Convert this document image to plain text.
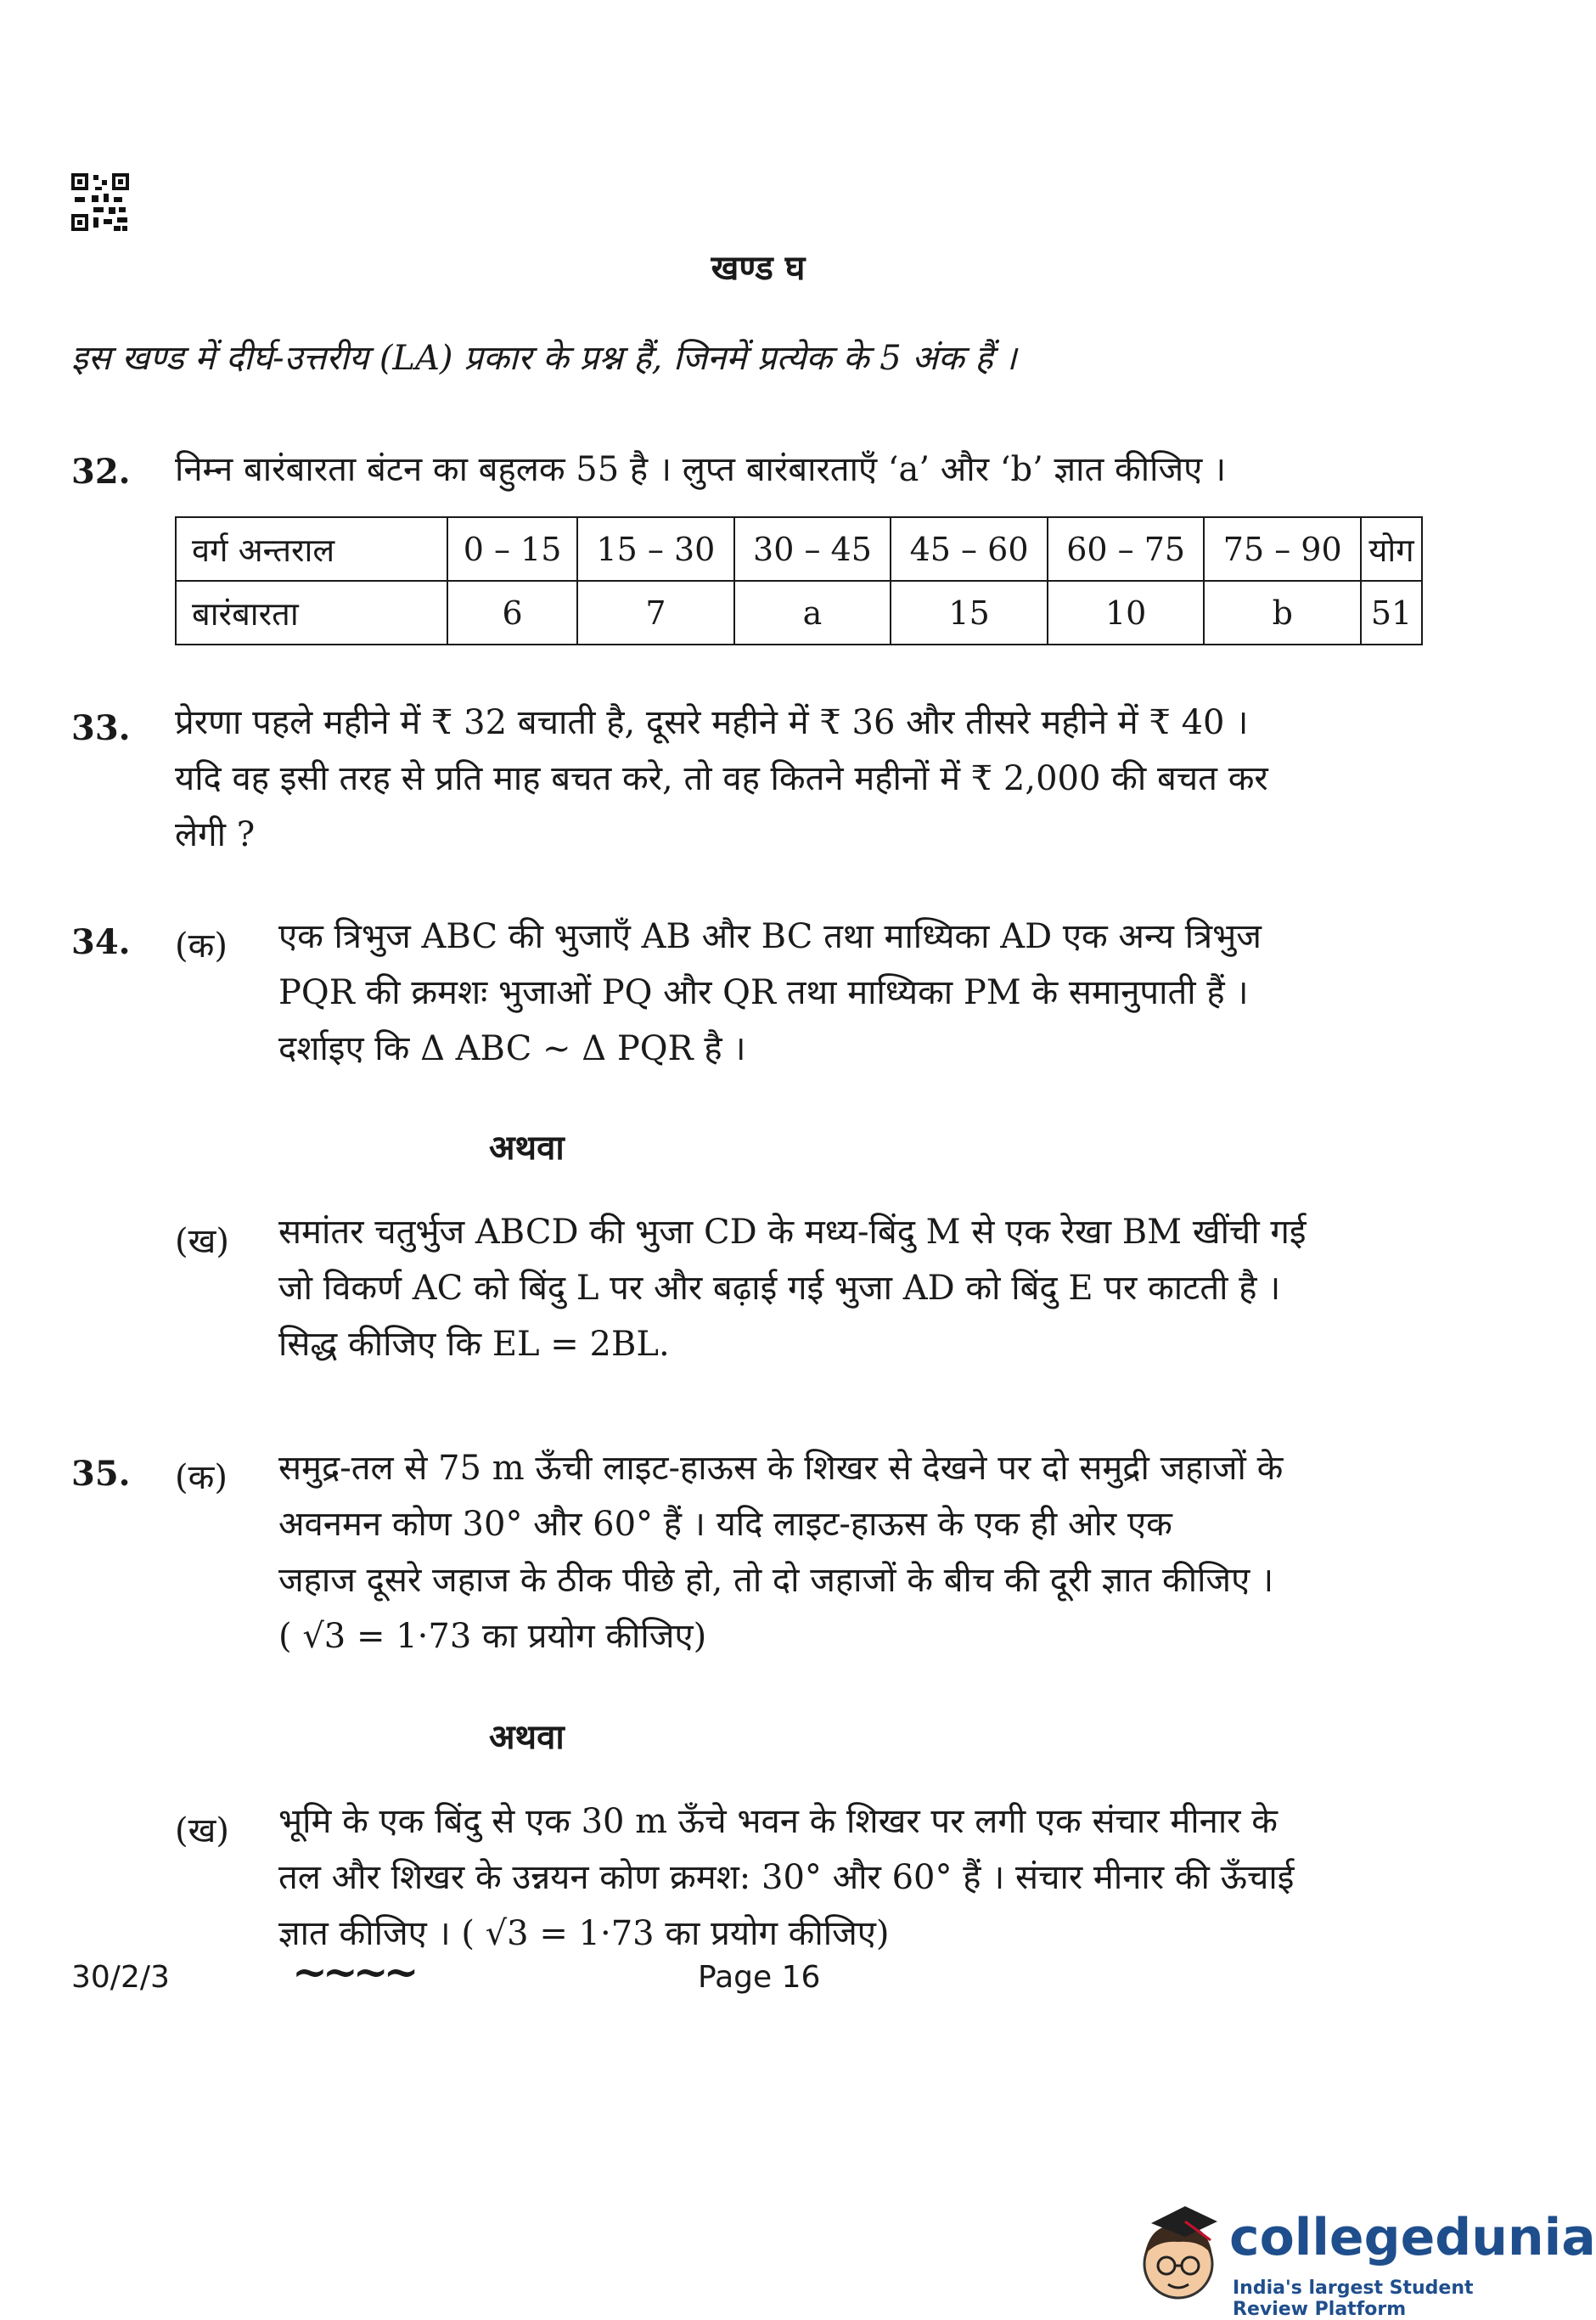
खण्ड घ
इस खण्ड में दीर्घ-उत्तरीय (LA) प्रकार के प्रश्न हैं, जिनमें प्रत्येक के 5 अंक हैं ।
32. निम्न बारंबारता बंटन का बहुलक 55 है । लुप्त बारंबारताएँ ‘a’ और ‘b’ ज्ञात कीजिए ।
वर्ग अन्तराल	0 – 15	15 – 30	30 – 45	45 – 60	60 – 75	75 – 90	योग
बारंबारता	6	7	a	15	10	b	51
33. प्रेरणा पहले महीने में ₹ 32 बचाती है, दूसरे महीने में ₹ 36 और तीसरे महीने में ₹ 40 ।
यदि वह इसी तरह से प्रति माह बचत करे, तो वह कितने महीनों में ₹ 2,000 की बचत कर
लेगी ?
34. (क) एक त्रिभुज ABC की भुजाएँ AB और BC तथा माध्यिका AD एक अन्य त्रिभुज
PQR की क्रमशः भुजाओं PQ और QR तथा माध्यिका PM के समानुपाती हैं ।
दर्शाइए कि Δ ABC ~ Δ PQR है ।
अथवा
(ख) समांतर चतुर्भुज ABCD की भुजा CD के मध्य-बिंदु M से एक रेखा BM खींची गई
जो विकर्ण AC को बिंदु L पर और बढ़ाई गई भुजा AD को बिंदु E पर काटती है ।
सिद्ध कीजिए कि EL = 2BL.
35. (क) समुद्र-तल से 75 m ऊँची लाइट-हाऊस के शिखर से देखने पर दो समुद्री जहाजों के
अवनमन कोण 30° और 60° हैं । यदि लाइट-हाऊस के एक ही ओर एक
जहाज दूसरे जहाज के ठीक पीछे हो, तो दो जहाजों के बीच की दूरी ज्ञात कीजिए ।
( √3 = 1·73 का प्रयोग कीजिए)
अथवा
(ख) भूमि के एक बिंदु से एक 30 m ऊँचे भवन के शिखर पर लगी एक संचार मीनार के
तल और शिखर के उन्नयन कोण क्रमश: 30° और 60° हैं । संचार मीनार की ऊँचाई
ज्ञात कीजिए । ( √3 = 1·73 का प्रयोग कीजिए)
30/2/3	~~~~	Page 16
collegedunia
India's largest Student Review Platform
